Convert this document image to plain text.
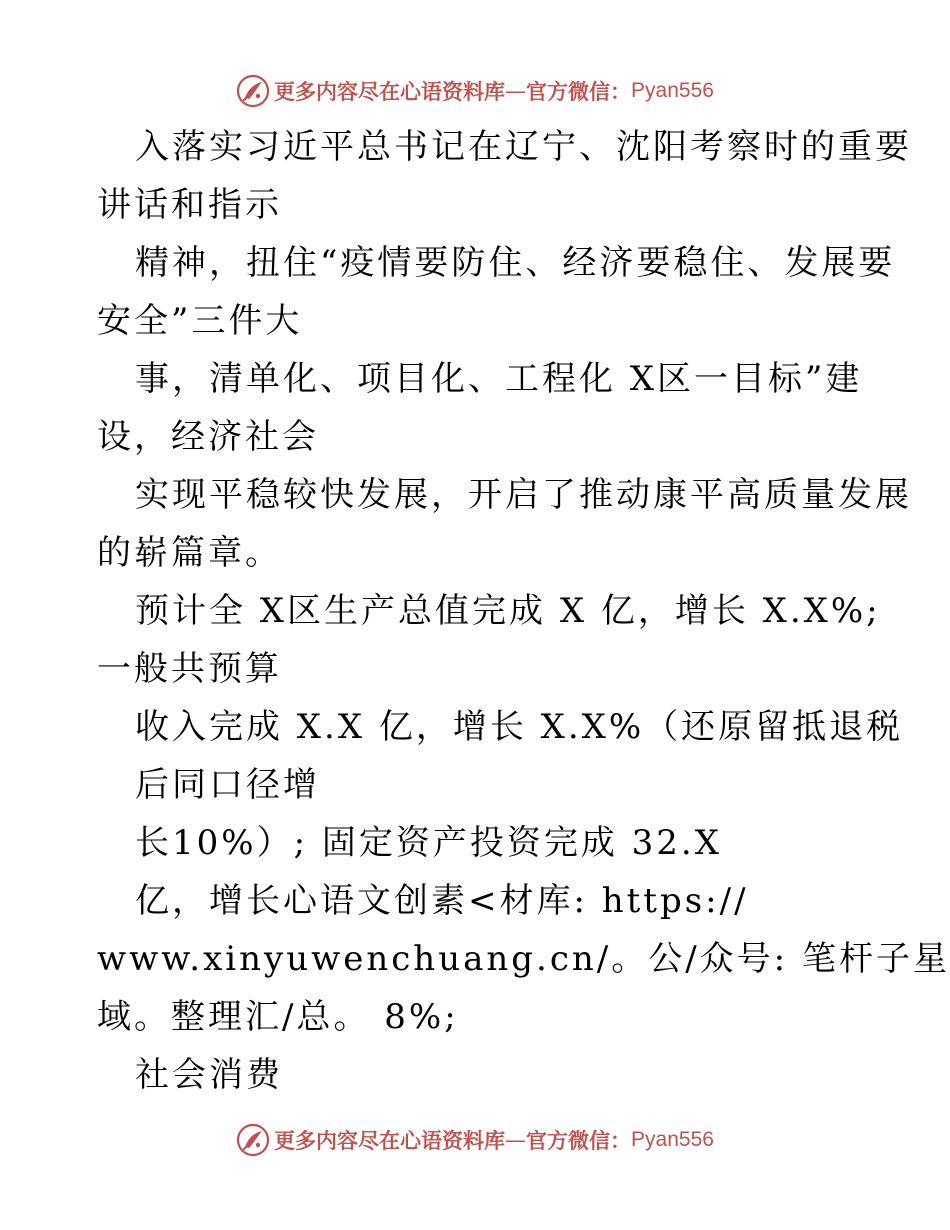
更多内容尽在心语资料库 — 官方微信： Pyan556
入落实习近平总书记在辽宁、沈阳考察时的重要
讲话和指示
精神，扭住“疫情要防住、经济要稳住、发展要
安全”三件大
事，清单化、项目化、工程化 X区一目标”建
设，经济社会
实现平稳较快发展，开启了推动康平高质量发展
的崭篇章。
预计全 X区生产总值完成 X 亿，增长 X.X%;
一般共预算
收入完成 X.X 亿，增长 X.X%（还原留抵退税
后同口径增
长10%）; 固定资产投资完成 32.X
亿，增长心语文创素<材库: https://
www.xinyuwenchuang.cn/。公/众号: 笔杆子星
域。整理汇/总。 8%;
社会消费
更多内容尽在心语资料库 — 官方微信： Pyan556
